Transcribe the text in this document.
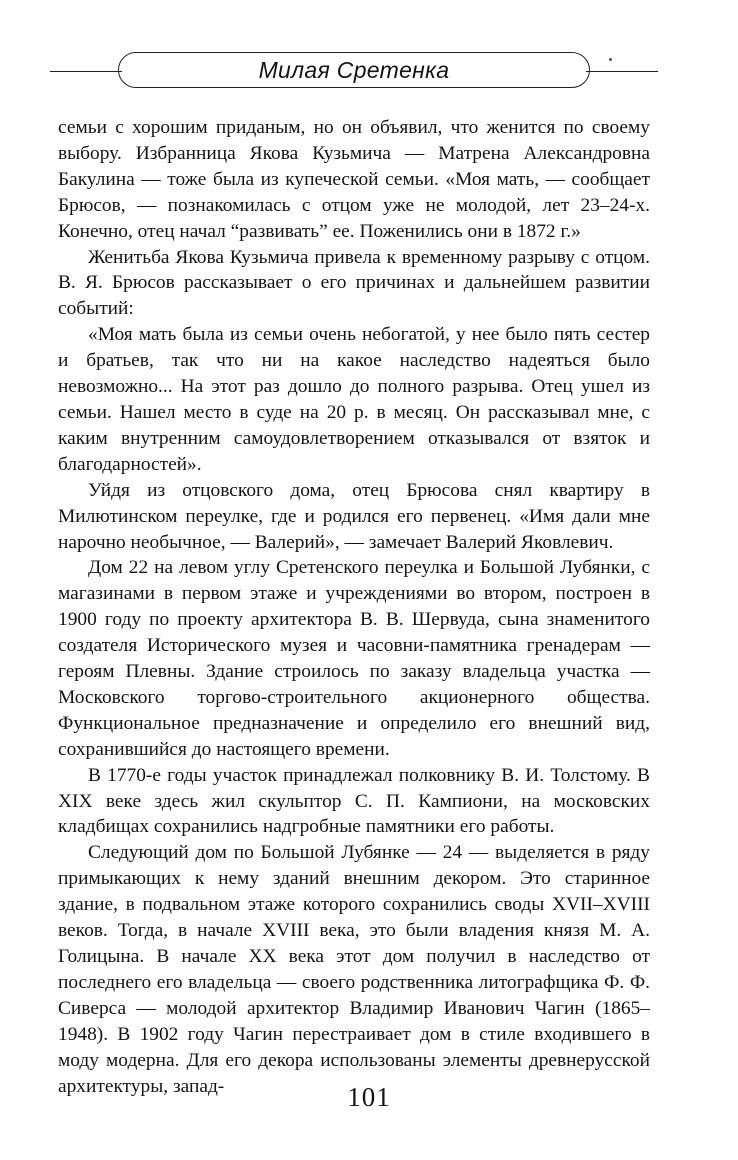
Милая Сретенка

семьи с хорошим приданым, но он объявил, что женится по своему выбору. Избранница Якова Кузьмича — Матрена Александровна Бакулина — тоже была из купеческой семьи. «Моя мать, — сообщает Брюсов, — познакомилась с отцом уже не молодой, лет 23–24-х. Конечно, отец начал “развивать” ее. Поженились они в 1872 г.»

Женитьба Якова Кузьмича привела к временному разрыву с отцом. В. Я. Брюсов рассказывает о его причинах и дальнейшем развитии событий:

«Моя мать была из семьи очень небогатой, у нее было пять сестер и братьев, так что ни на какое наследство надеяться было невозможно... На этот раз дошло до полного разрыва. Отец ушел из семьи. Нашел место в суде на 20 р. в месяц. Он рассказывал мне, с каким внутренним самоудовлетворением отказывался от взяток и благодарностей».

Уйдя из отцовского дома, отец Брюсова снял квартиру в Милютинском переулке, где и родился его первенец. «Имя дали мне нарочно необычное, — Валерий», — замечает Валерий Яковлевич.

Дом 22 на левом углу Сретенского переулка и Большой Лубянки, с магазинами в первом этаже и учреждениями во втором, построен в 1900 году по проекту архитектора В. В. Шервуда, сына знаменитого создателя Исторического музея и часовни-памятника гренадерам — героям Плевны. Здание строилось по заказу владельца участка — Московского торгово-строительного акционерного общества. Функциональное предназначение и определило его внешний вид, сохранившийся до настоящего времени.

В 1770-е годы участок принадлежал полковнику В. И. Толстому. В XIX веке здесь жил скульптор С. П. Кампиони, на московских кладбищах сохранились надгробные памятники его работы.

Следующий дом по Большой Лубянке — 24 — выделяется в ряду примыкающих к нему зданий внешним декором. Это старинное здание, в подвальном этаже которого сохранились своды XVII–XVIII веков. Тогда, в начале XVIII века, это были владения князя М. А. Голицына. В начале XX века этот дом получил в наследство от последнего его владельца — своего родственника литографщика Ф. Ф. Сиверса — молодой архитектор Владимир Иванович Чагин (1865–1948). В 1902 году Чагин перестраивает дом в стиле входившего в моду модерна. Для его декора использованы элементы древнерусской архитектуры, запад-	101
